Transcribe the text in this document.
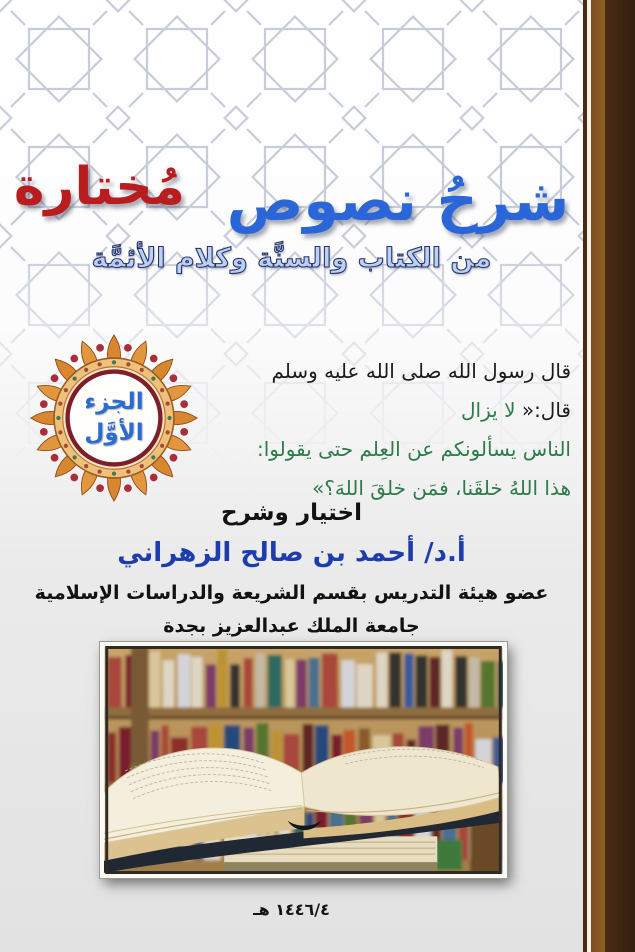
شرحُ نصوص مُختارة
من الكتاب والسنَّة وكلام الأئمَّة
الجزء
الأوَّل
قال رسول الله صلى الله عليه وسلم قال:« لا يزال
الناس يسألونكم عن العِلم حتى يقولوا:
هذا اللهُ خلقَنا، فمَن خلقَ اللهَ؟»

اختيار وشرح

أ.د/ أحمد بن صالح الزهراني

عضو هيئة التدريس بقسم الشريعة والدراسات الإسلامية

جامعة الملك عبدالعزيز بجدة

١٤٤٦/٤ هـ
